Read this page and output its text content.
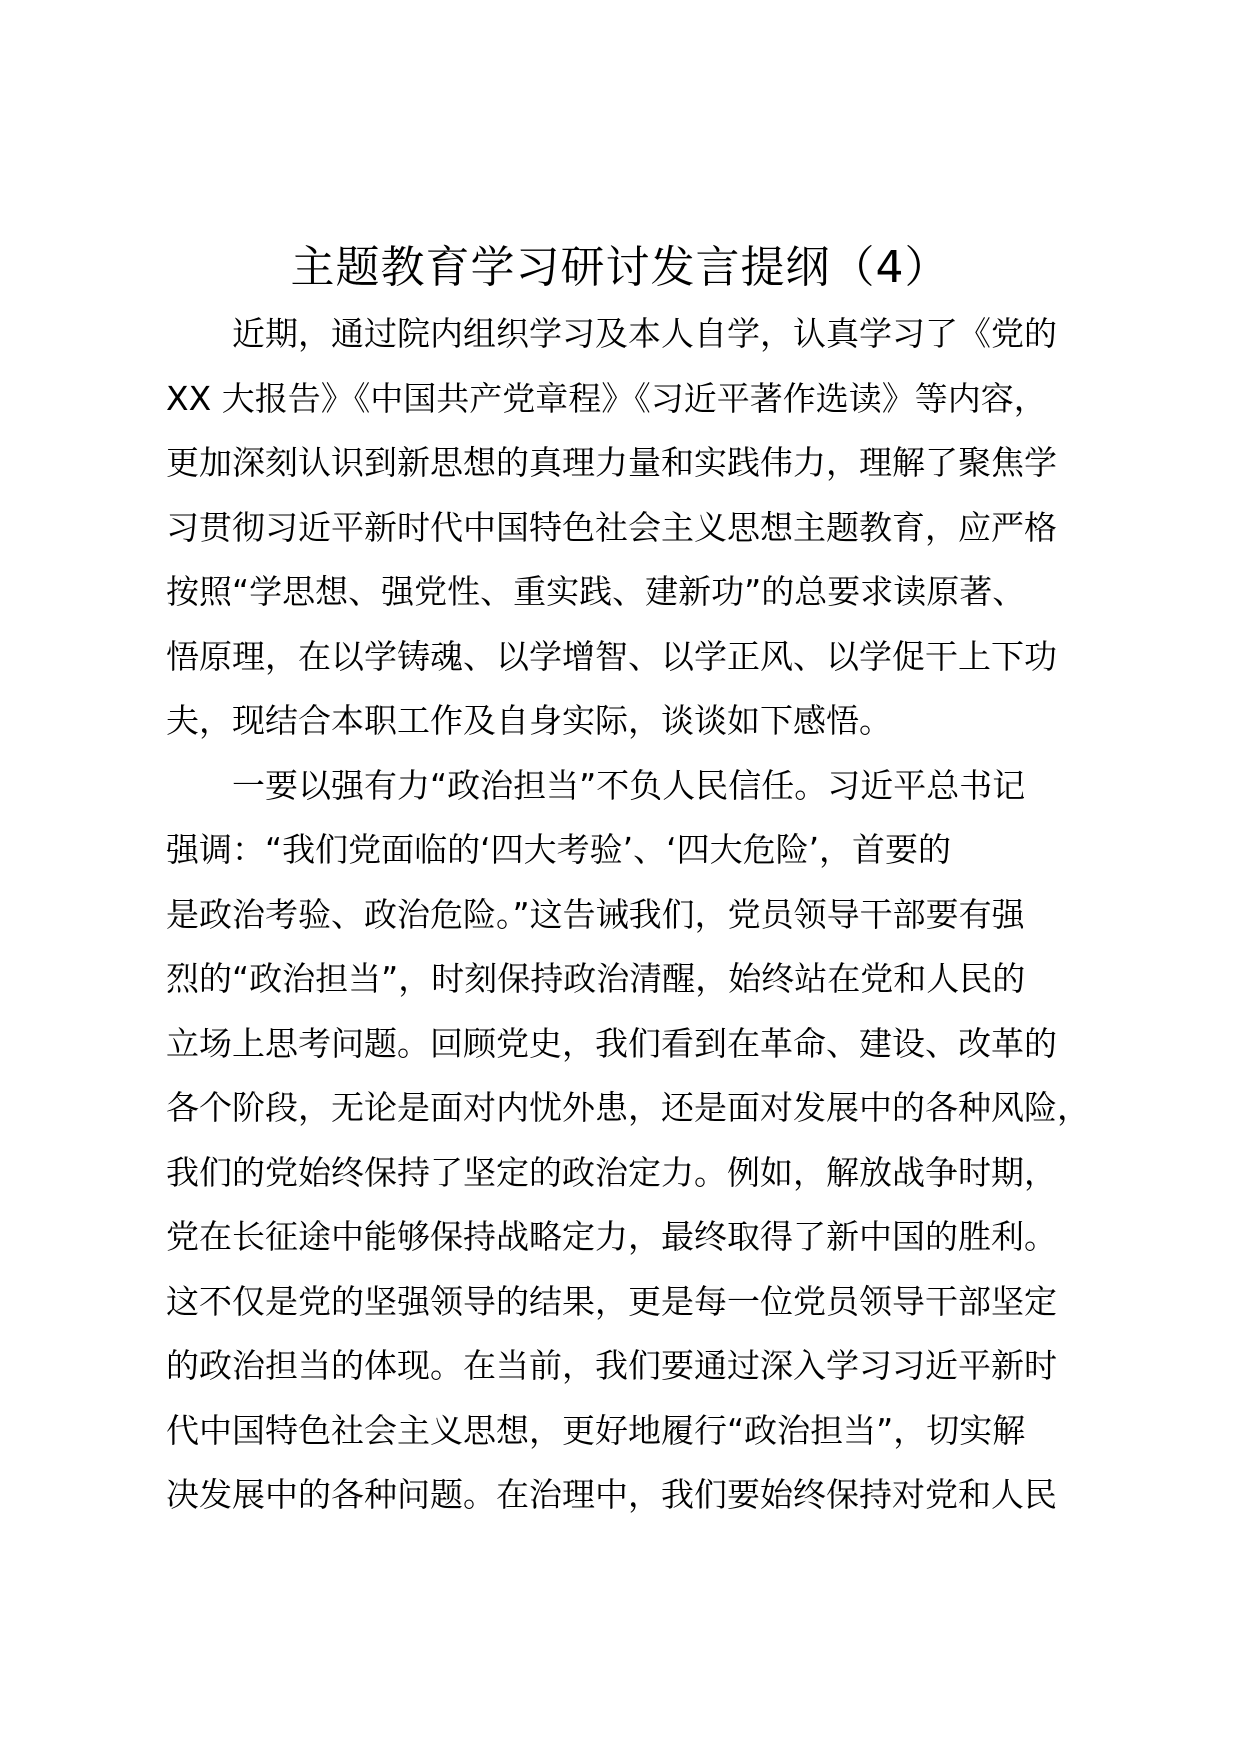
主题教育学习研讨发言提纲（4）
近期，通过院内组织学习及本人自学，认真学习了《党的
XX 大报告》《中国共产党章程》《习近平著作选读》等内容，
更加深刻认识到新思想的真理力量和实践伟力，理解了聚焦学
习贯彻习近平新时代中国特色社会主义思想主题教育，应严格
按照“学思想、强党性、重实践、建新功”的总要求读原著、
悟原理，在以学铸魂、以学增智、以学正风、以学促干上下功
夫，现结合本职工作及自身实际，谈谈如下感悟。
一要以强有力“政治担当”不负人民信任。习近平总书记
强调：“我们党面临的‘四大考验’、‘四大危险’，首要的
是政治考验、政治危险。”这告诫我们，党员领导干部要有强
烈的“政治担当”，时刻保持政治清醒，始终站在党和人民的
立场上思考问题。回顾党史，我们看到在革命、建设、改革的
各个阶段，无论是面对内忧外患，还是面对发展中的各种风险，
我们的党始终保持了坚定的政治定力。例如，解放战争时期，
党在长征途中能够保持战略定力，最终取得了新中国的胜利。
这不仅是党的坚强领导的结果，更是每一位党员领导干部坚定
的政治担当的体现。在当前，我们要通过深入学习习近平新时
代中国特色社会主义思想，更好地履行“政治担当”，切实解
决发展中的各种问题。在治理中，我们要始终保持对党和人民
